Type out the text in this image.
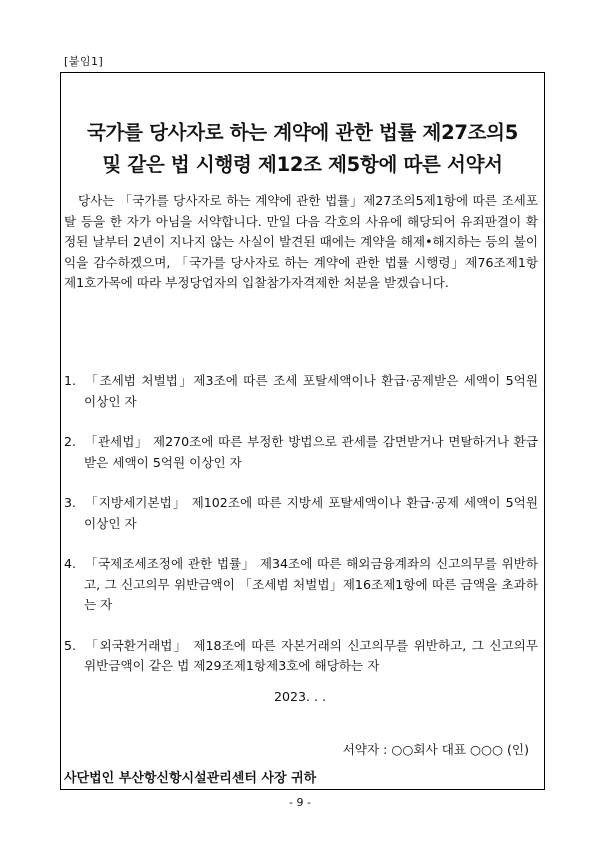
[붙임1]
국가를 당사자로 하는 계약에 관한 법률 제27조의5
및 같은 법 시행령 제12조 제5항에 따른 서약서

당사는 「국가를 당사자로 하는 계약에 관한 법률」제27조의5제1항에 따른 조세포탈 등을 한 자가 아님을 서약합니다. 만일 다음 각호의 사유에 해당되어 유죄판결이 확정된 날부터 2년이 지나지 않는 사실이 발견된 때에는 계약을 해제•해지하는 등의 불이익을 감수하겠으며, 「국가를 당사자로 하는 계약에 관한 법률 시행령」제76조제1항제1호가목에 따라 부정당업자의 입찰참가자격제한 처분을 받겠습니다.

1. 「조세범 처벌법」제3조에 따른 조세 포탈세액이나 환급·공제받은 세액이 5억원 이상인 자
2. 「관세법」 제270조에 따른 부정한 방법으로 관세를 감면받거나 면탈하거나 환급받은 세액이 5억원 이상인 자
3. 「지방세기본법」 제102조에 따른 지방세 포탈세액이나 환급·공제 세액이 5억원 이상인 자
4. 「국제조세조정에 관한 법률」 제34조에 따른 해외금융계좌의 신고의무를 위반하고, 그 신고의무 위반금액이 「조세범 처벌법」제16조제1항에 따른 금액을 초과하는 자
5. 「외국환거래법」 제18조에 따른 자본거래의 신고의무를 위반하고, 그 신고의무 위반금액이 같은 법 제29조제1항제3호에 해당하는 자
2023. . .
서약자 : ○○회사 대표 ○○○ (인)
사단법인 부산항신항시설관리센터 사장 귀하
- 9 -
